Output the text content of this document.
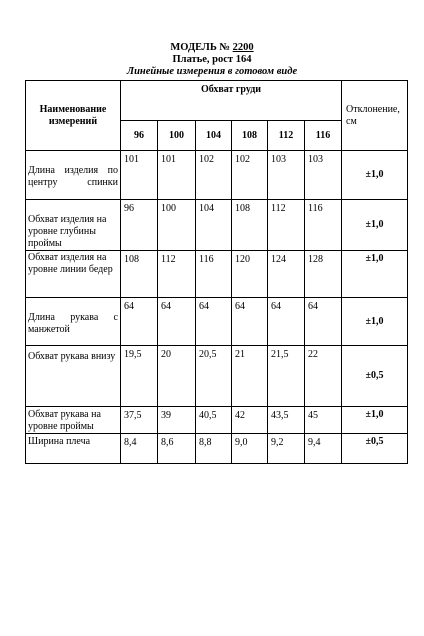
МОДЕЛЬ № 2200
Платье, рост 164
Линейные измерения в готовом виде
Наименование измерений	Обхват груди						Отклонение, см
	96	100	104	108	112	116	
Длина изделия по центру спинки	101	101	102	102	103	103	±1,0
Обхват изделия на уровне глубины проймы	96	100	104	108	112	116	±1,0
Обхват изделия на уровне линии бедер	108	112	116	120	124	128	±1,0
Длина рукава с манжетой	64	64	64	64	64	64	±1,0
Обхват рукава внизу	19,5	20	20,5	21	21,5	22	±0,5
Обхват рукава на уровне проймы	37,5	39	40,5	42	43,5	45	±1,0
Ширина плеча	8,4	8,6	8,8	9,0	9,2	9,4	±0,5
